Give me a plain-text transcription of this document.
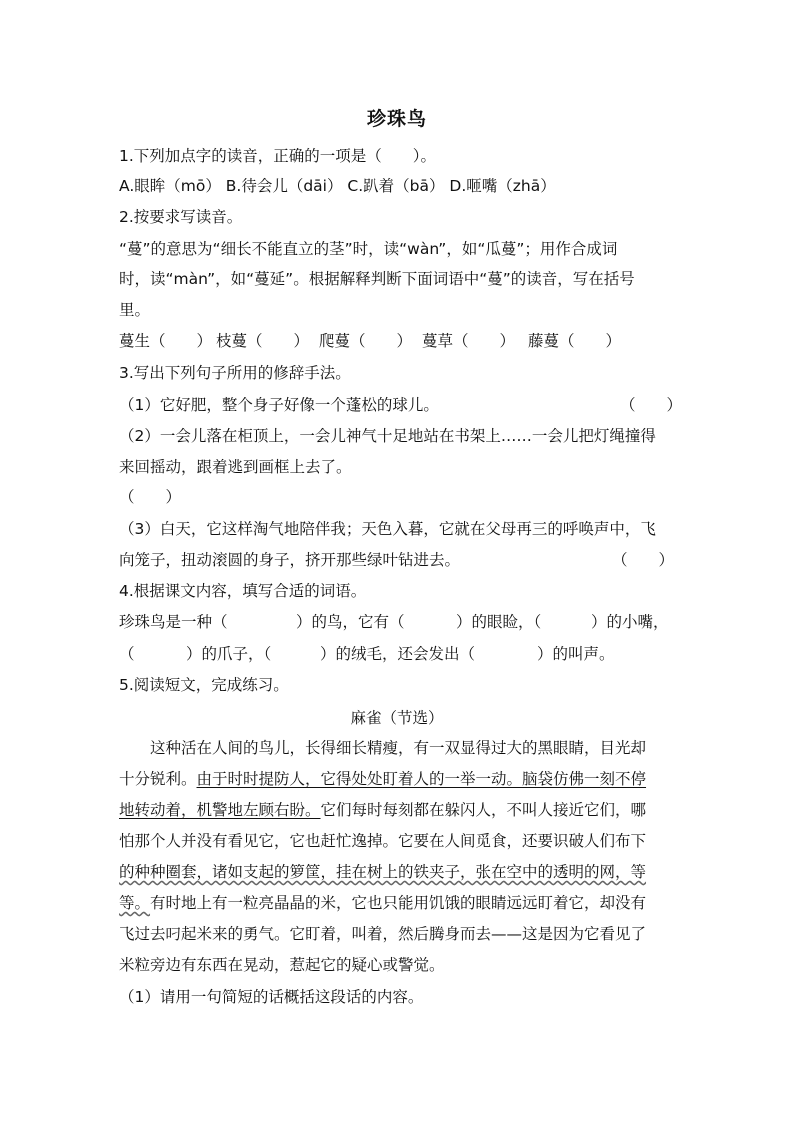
珍珠鸟
1.下列加点字的读音，正确的一项是（　　）。
A.眼眸（mō） B.待会儿（dāi） C.趴着（bā） D.咂嘴（zhā）
2.按要求写读音。
“蔓”的意思为“细长不能直立的茎”时，读“wàn”，如“瓜蔓”；用作合成词
时，读“màn”，如“蔓延”。根据解释判断下面词语中“蔓”的读音，写在括号
里。
蔓生（　　） 枝蔓（　　） 爬蔓（　　） 蔓草（　　） 藤蔓（　　）
3.写出下列句子所用的修辞手法。
（1）它好肥，整个身子好像一个蓬松的球儿。	（　　）
（2）一会儿落在柜顶上，一会儿神气十足地站在书架上……一会儿把灯绳撞得
来回摇动，跟着逃到画框上去了。
（　　）
（3）白天，它这样淘气地陪伴我；天色入暮，它就在父母再三的呼唤声中，飞
向笼子，扭动滚圆的身子，挤开那些绿叶钻进去。	（　　）
4.根据课文内容，填写合适的词语。
珍珠鸟是一种（	）的鸟，它有（	）的眼睑，（	）的小嘴，
（	）的爪子，（	）的绒毛，还会发出（	）的叫声。
5.阅读短文，完成练习。
麻雀（节选）
这种活在人间的鸟儿，长得细长精瘦，有一双显得过大的黑眼睛，目光却
十分锐利。由于时时提防人，它得处处盯着人的一举一动。脑袋仿佛一刻不停
地转动着，机警地左顾右盼。它们每时每刻都在躲闪人，不叫人接近它们，哪
怕那个人并没有看见它，它也赶忙逸掉。它要在人间觅食，还要识破人们布下
的种种圈套，诸如支起的箩筐，挂在树上的铁夹子，张在空中的透明的网，等
等。有时地上有一粒亮晶晶的米，它也只能用饥饿的眼睛远远盯着它，却没有
飞过去叼起米来的勇气。它盯着，叫着，然后腾身而去——这是因为它看见了
米粒旁边有东西在晃动，惹起它的疑心或警觉。
（1）请用一句简短的话概括这段话的内容。
